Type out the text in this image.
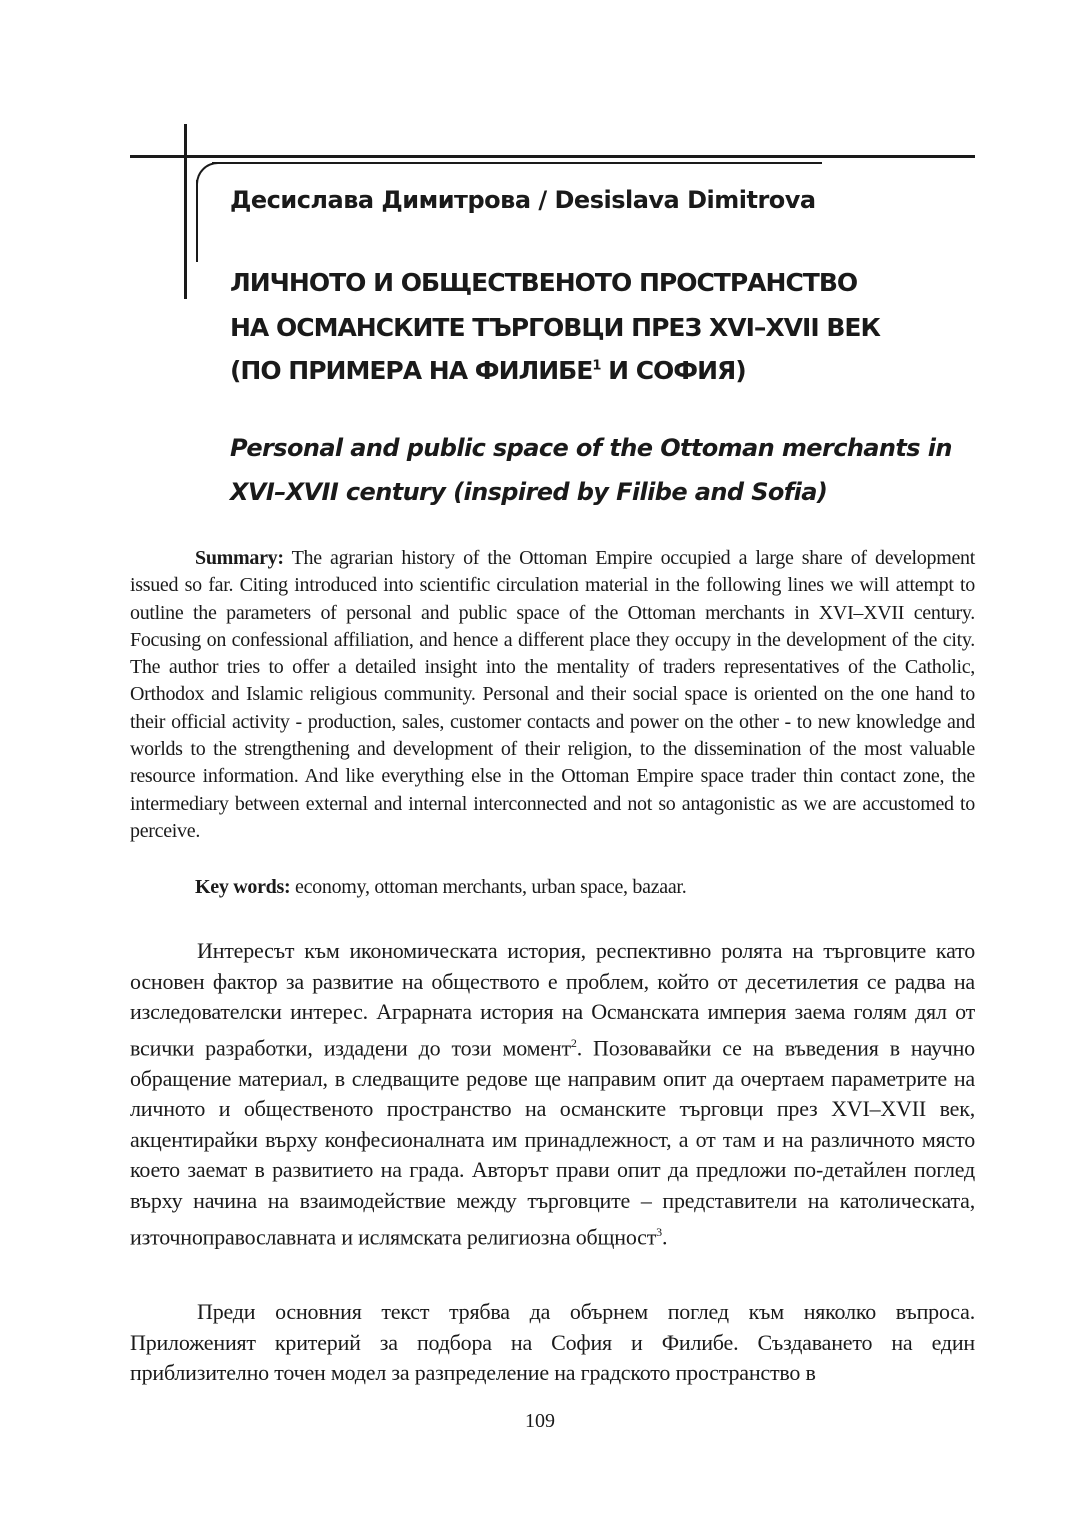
Десислава Димитрова / Desislava Dimitrova
ЛИЧНОТО И ОБЩЕСТВЕНОТО ПРОСТРАНСТВО
НА ОСМАНСКИТЕ ТЪРГОВЦИ ПРЕЗ XVI–XVII ВЕК
(ПО ПРИМЕРА НА ФИЛИБЕ$^1$ И СОФИЯ)
Personal and public space of the Ottoman merchants in
XVI–XVII century (inspired by Filibe and Sofia)

Summary: The agrarian history of the Ottoman Empire occupied a large share of development issued so far. Citing introduced into scientific circulation material in the following lines we will attempt to outline the parameters of personal and public space of the Ottoman merchants in XVI–XVII century. Focusing on confessional affiliation, and hence a different place they occupy in the development of the city. The author tries to offer a detailed insight into the mentality of traders representatives of the Catholic, Orthodox and Islamic religious community. Personal and their social space is oriented on the one hand to their official activity - production, sales, customer contacts and power on the other - to new knowledge and worlds to the strengthening and development of their religion, to the dissemination of the most valuable resource information. And like everything else in the Ottoman Empire space trader thin contact zone, the intermediary between external and internal interconnected and not so antagonistic as we are accustomed to perceive.

Key words: economy, ottoman merchants, urban space, bazaar.

Интересът към икономическата история, респективно ролята на търговците като основен фактор за развитие на обществото е проблем, който от десетилетия се радва на изследователски интерес. Аграрната история на Османската империя заема голям дял от всички разработки, издадени до този момент$^2$. Позовавайки се на въведения в научно обращение материал, в следващите редове ще направим опит да очертаем параметрите на личното и общественото пространство на османските търговци през XVI–XVII век, акцентирайки върху конфесионалната им принадлежност, а от там и на различното място което заемат в развитието на града. Авторът прави опит да предложи по-детайлен поглед върху начина на взаимодействие между търговците – представители на католическата, източноправославната и ислямската религиозна общност$^3$.

Преди основния текст трябва да обърнем поглед към няколко въпроса. Приложеният критерий за подбора на София и Филибе. Създаването на един приблизително точен модел за разпределение на градското пространство в

109
